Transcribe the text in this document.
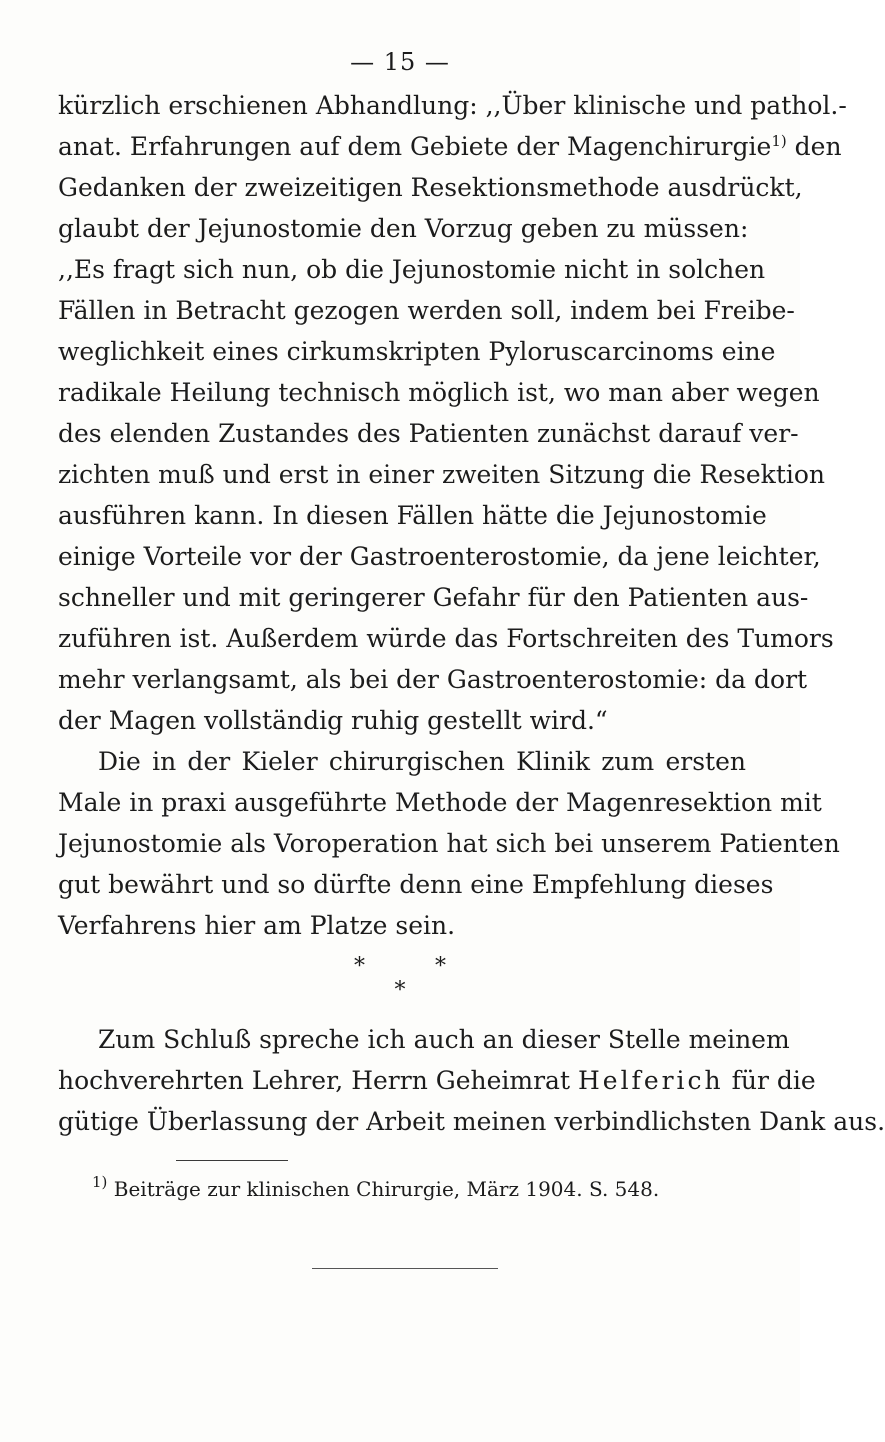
— 15 —
kürzlich erschienen Abhandlung: ,,Über klinische und pathol.-
anat. Erfahrungen auf dem Gebiete der Magenchirurgie$^{1)}$ den
Gedanken der zweizeitigen Resektionsmethode ausdrückt,
glaubt der Jejunostomie den Vorzug geben zu müssen:
,,Es fragt sich nun, ob die Jejunostomie nicht in solchen
Fällen in Betracht gezogen werden soll, indem bei Freibe-
weglichkeit eines cirkumskripten Pyloruscarcinoms eine
radikale Heilung technisch möglich ist, wo man aber wegen
des elenden Zustandes des Patienten zunächst darauf ver-
zichten muß und erst in einer zweiten Sitzung die Resektion
ausführen kann. In diesen Fällen hätte die Jejunostomie
einige Vorteile vor der Gastroenterostomie, da jene leichter,
schneller und mit geringerer Gefahr für den Patienten aus-
zuführen ist. Außerdem würde das Fortschreiten des Tumors
mehr verlangsamt, als bei der Gastroenterostomie: da dort
der Magen vollständig ruhig gestellt wird.“
Die in der Kieler chirurgischen Klinik zum ersten
Male in praxi ausgeführte Methode der Magenresektion mit
Jejunostomie als Voroperation hat sich bei unserem Patienten
gut bewährt und so dürfte denn eine Empfehlung dieses
Verfahrens hier am Platze sein.
*          *
*
Zum Schluß spreche ich auch an dieser Stelle meinem
hochverehrten Lehrer, Herrn Geheimrat Helferich für die
gütige Überlassung der Arbeit meinen verbindlichsten Dank aus.
$^{1)}$ Beiträge zur klinischen Chirurgie, März 1904. S. 548.
